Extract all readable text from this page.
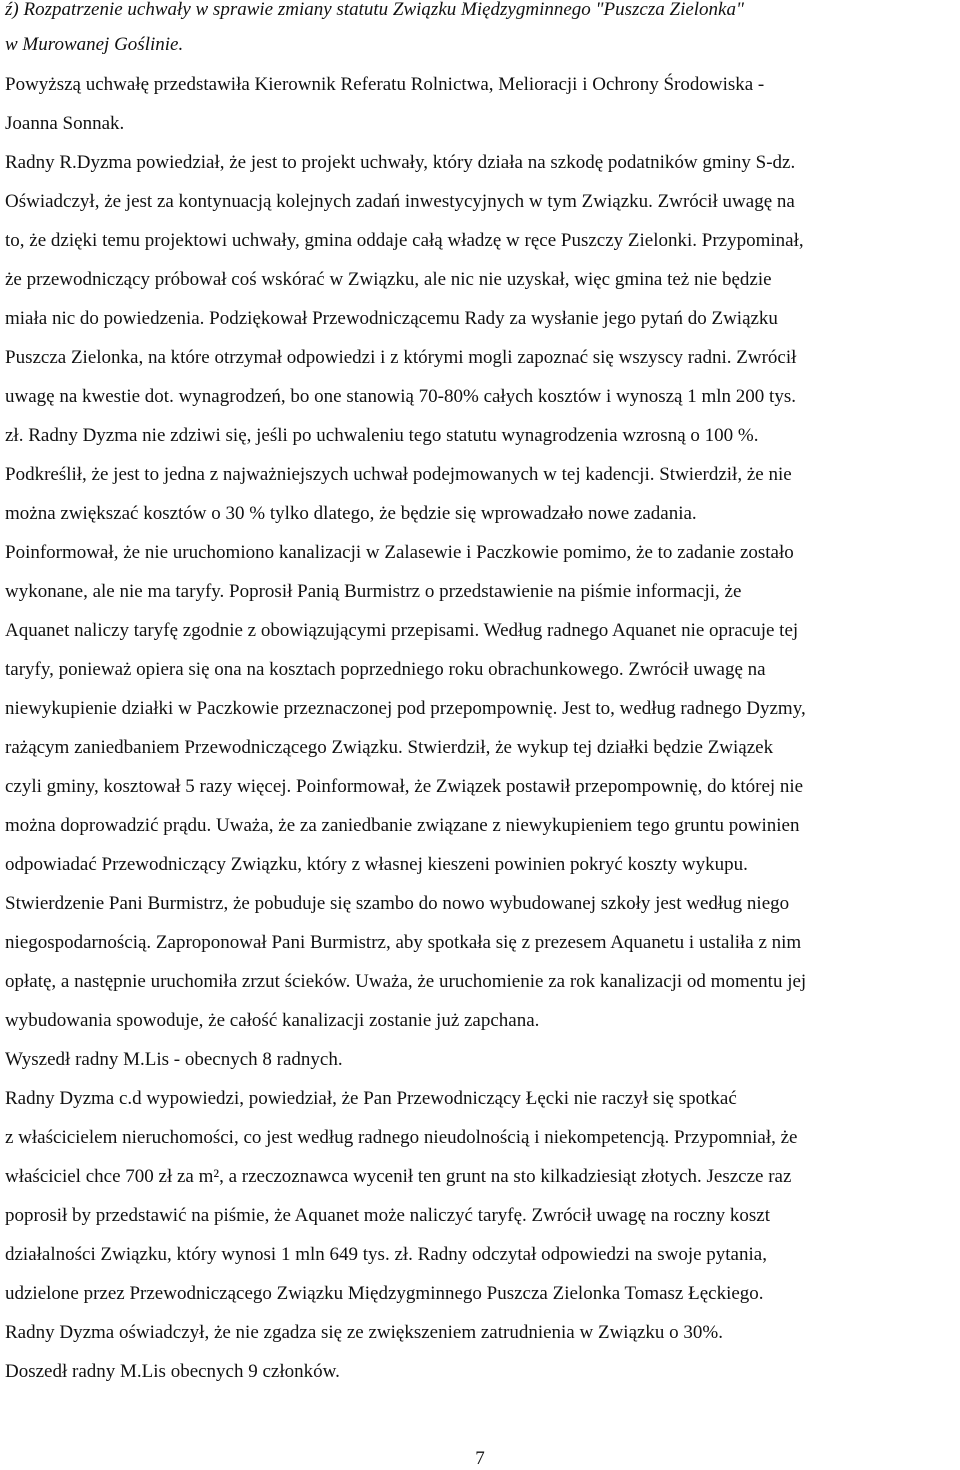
ź) Rozpatrzenie uchwały w sprawie zmiany statutu Związku Międzygminnego "Puszcza Zielonka"
w Murowanej Goślinie.
Powyższą uchwałę przedstawiła Kierownik Referatu Rolnictwa, Melioracji i Ochrony Środowiska -
Joanna Sonnak.
Radny R.Dyzma powiedział, że jest to projekt uchwały, który działa na szkodę podatników gminy S-dz.
Oświadczył, że jest za kontynuacją kolejnych zadań inwestycyjnych w tym Związku. Zwrócił uwagę na
to, że dzięki temu projektowi uchwały, gmina oddaje całą władzę w ręce Puszczy Zielonki. Przypominał,
że przewodniczący próbował coś wskórać w Związku, ale nic nie uzyskał, więc gmina też nie będzie
miała nic do powiedzenia. Podziękował Przewodniczącemu Rady za wysłanie jego pytań do Związku
Puszcza Zielonka, na które otrzymał odpowiedzi i z którymi mogli zapoznać się wszyscy radni. Zwrócił
uwagę na kwestie dot. wynagrodzeń, bo one stanowią 70-80% całych kosztów i wynoszą 1 mln 200 tys.
zł. Radny Dyzma nie zdziwi się, jeśli po uchwaleniu tego statutu wynagrodzenia wzrosną o 100 %.
Podkreślił, że jest to jedna z najważniejszych uchwał podejmowanych w tej kadencji. Stwierdził, że nie
można zwiększać kosztów o 30 % tylko dlatego, że będzie się wprowadzało nowe zadania.
Poinformował, że nie uruchomiono kanalizacji w Zalasewie i Paczkowie pomimo, że to zadanie zostało
wykonane, ale nie ma taryfy. Poprosił Panią Burmistrz o przedstawienie na piśmie informacji, że
Aquanet naliczy taryfę zgodnie z obowiązującymi przepisami. Według radnego Aquanet nie opracuje tej
taryfy, ponieważ opiera się ona na kosztach poprzedniego roku obrachunkowego. Zwrócił uwagę na
niewykupienie działki w Paczkowie przeznaczonej pod przepompownię. Jest to, według radnego Dyzmy,
rażącym zaniedbaniem Przewodniczącego Związku. Stwierdził, że wykup tej działki będzie Związek
czyli gminy, kosztował 5 razy więcej. Poinformował, że Związek postawił przepompownię, do której nie
można doprowadzić prądu. Uważa, że za zaniedbanie związane z niewykupieniem tego gruntu powinien
odpowiadać Przewodniczący Związku, który z własnej kieszeni powinien pokryć koszty wykupu.
Stwierdzenie Pani Burmistrz, że pobuduje się szambo do nowo wybudowanej szkoły jest według niego
niegospodarnością. Zaproponował Pani Burmistrz, aby spotkała się z prezesem Aquanetu i ustaliła z nim
opłatę, a następnie uruchomiła zrzut ścieków. Uważa, że uruchomienie za rok kanalizacji od momentu jej
wybudowania spowoduje, że całość kanalizacji zostanie już zapchana.
Wyszedł radny M.Lis - obecnych 8 radnych.
Radny Dyzma c.d wypowiedzi, powiedział, że Pan Przewodniczący Łęcki nie raczył się spotkać
z właścicielem nieruchomości, co jest według radnego nieudolnością i niekompetencją. Przypomniał, że
właściciel chce 700 zł za m², a rzeczoznawca wycenił ten grunt na sto kilkadziesiąt złotych. Jeszcze raz
poprosił by przedstawić na piśmie, że Aquanet może naliczyć taryfę. Zwrócił uwagę na roczny koszt
działalności Związku, który wynosi 1 mln 649 tys. zł. Radny odczytał odpowiedzi na swoje pytania,
udzielone przez Przewodniczącego Związku Międzygminnego Puszcza Zielonka Tomasz Łęckiego.
Radny Dyzma oświadczył, że nie zgadza się ze zwiększeniem zatrudnienia w Związku o 30%.
Doszedł radny M.Lis obecnych 9 członków.
7
